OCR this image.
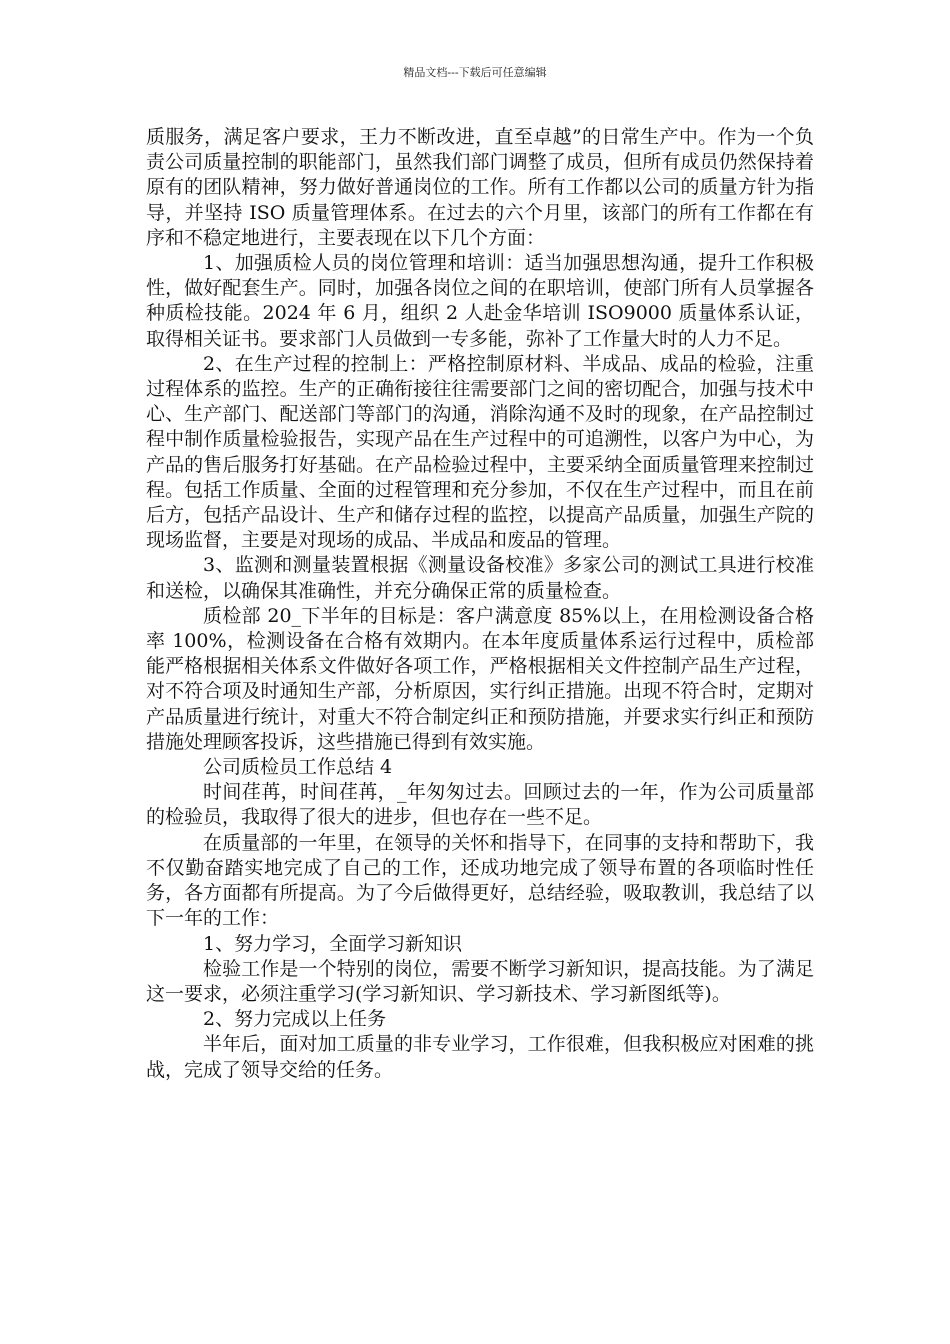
精品文档---下载后可任意编辑

质服务，满足客户要求，王力不断改进，直至卓越”的日常生产中。作为一个负责公司质量控制的职能部门，虽然我们部门调整了成员，但所有成员仍然保持着原有的团队精神，努力做好普通岗位的工作。所有工作都以公司的质量方针为指导，并坚持 ISO 质量管理体系。在过去的六个月里，该部门的所有工作都在有序和不稳定地进行，主要表现在以下几个方面：

1、加强质检人员的岗位管理和培训：适当加强思想沟通，提升工作积极性，做好配套生产。同时，加强各岗位之间的在职培训，使部门所有人员掌握各种质检技能。2024 年 6 月，组织 2 人赴金华培训 ISO9000 质量体系认证，取得相关证书。要求部门人员做到一专多能，弥补了工作量大时的人力不足。

2、在生产过程的控制上：严格控制原材料、半成品、成品的检验，注重过程体系的监控。生产的正确衔接往往需要部门之间的密切配合，加强与技术中心、生产部门、配送部门等部门的沟通，消除沟通不及时的现象，在产品控制过程中制作质量检验报告，实现产品在生产过程中的可追溯性，以客户为中心，为产品的售后服务打好基础。在产品检验过程中，主要采纳全面质量管理来控制过程。包括工作质量、全面的过程管理和充分参加，不仅在生产过程中，而且在前后方，包括产品设计、生产和储存过程的监控，以提高产品质量，加强生产院的现场监督，主要是对现场的成品、半成品和废品的管理。

3、监测和测量装置根据《测量设备校准》多家公司的测试工具进行校准和送检，以确保其准确性，并充分确保正常的质量检查。

质检部 20_下半年的目标是：客户满意度 85%以上，在用检测设备合格率 100%，检测设备在合格有效期内。在本年度质量体系运行过程中，质检部能严格根据相关体系文件做好各项工作，严格根据相关文件控制产品生产过程，对不符合项及时通知生产部，分析原因，实行纠正措施。出现不符合时，定期对产品质量进行统计，对重大不符合制定纠正和预防措施，并要求实行纠正和预防措施处理顾客投诉，这些措施已得到有效实施。

公司质检员工作总结 4

时间荏苒，时间荏苒，_年匆匆过去。回顾过去的一年，作为公司质量部的检验员，我取得了很大的进步，但也存在一些不足。

在质量部的一年里，在领导的关怀和指导下，在同事的支持和帮助下，我不仅勤奋踏实地完成了自己的工作，还成功地完成了领导布置的各项临时性任务，各方面都有所提高。为了今后做得更好，总结经验，吸取教训，我总结了以下一年的工作：

1、努力学习，全面学习新知识

检验工作是一个特别的岗位，需要不断学习新知识，提高技能。为了满足这一要求，必须注重学习(学习新知识、学习新技术、学习新图纸等)。

2、努力完成以上任务

半年后，面对加工质量的非专业学习，工作很难，但我积极应对困难的挑战，完成了领导交给的任务。
